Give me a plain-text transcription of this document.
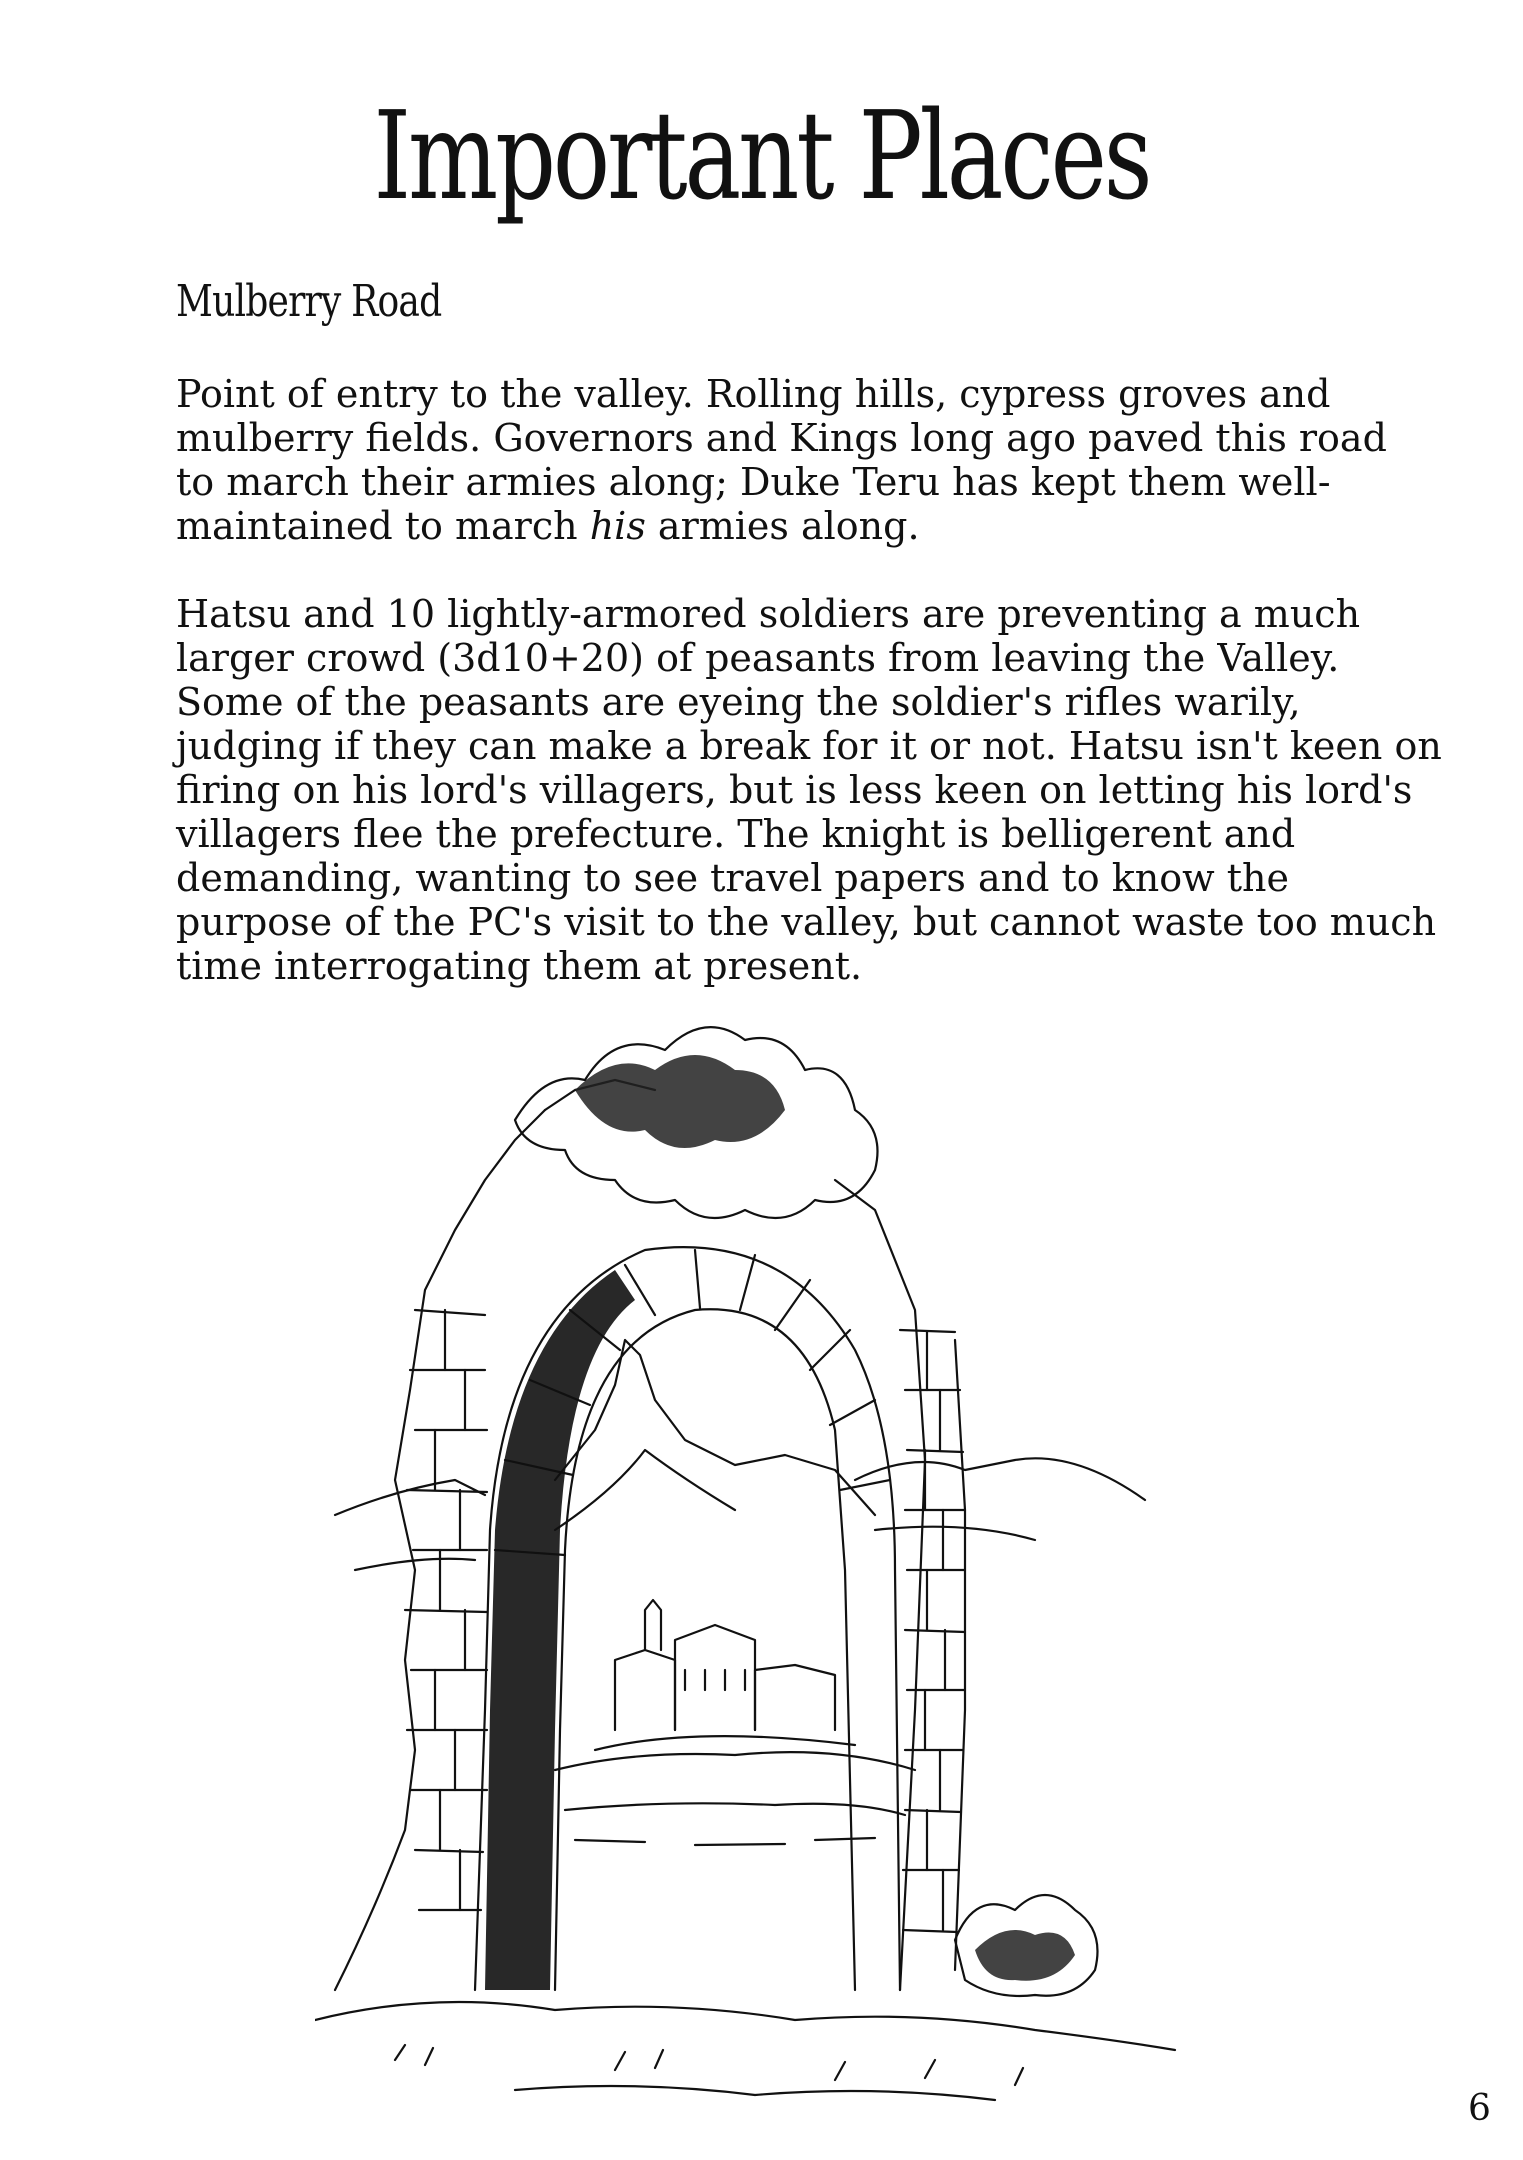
Important Places
Mulberry Road

Point of entry to the valley. Rolling hills, cypress groves and
mulberry fields. Governors and Kings long ago paved this road
to march their armies along; Duke Teru has kept them well-
maintained to march his armies along.

Hatsu and 10 lightly-armored soldiers are preventing a much
larger crowd (3d10+20) of peasants from leaving the Valley.
Some of the peasants are eyeing the soldier's rifles warily,
judging if they can make a break for it or not. Hatsu isn't keen on
firing on his lord's villagers, but is less keen on letting his lord's
villagers flee the prefecture. The knight is belligerent and
demanding, wanting to see travel papers and to know the
purpose of the PC's visit to the valley, but cannot waste too much
time interrogating them at present.

6
